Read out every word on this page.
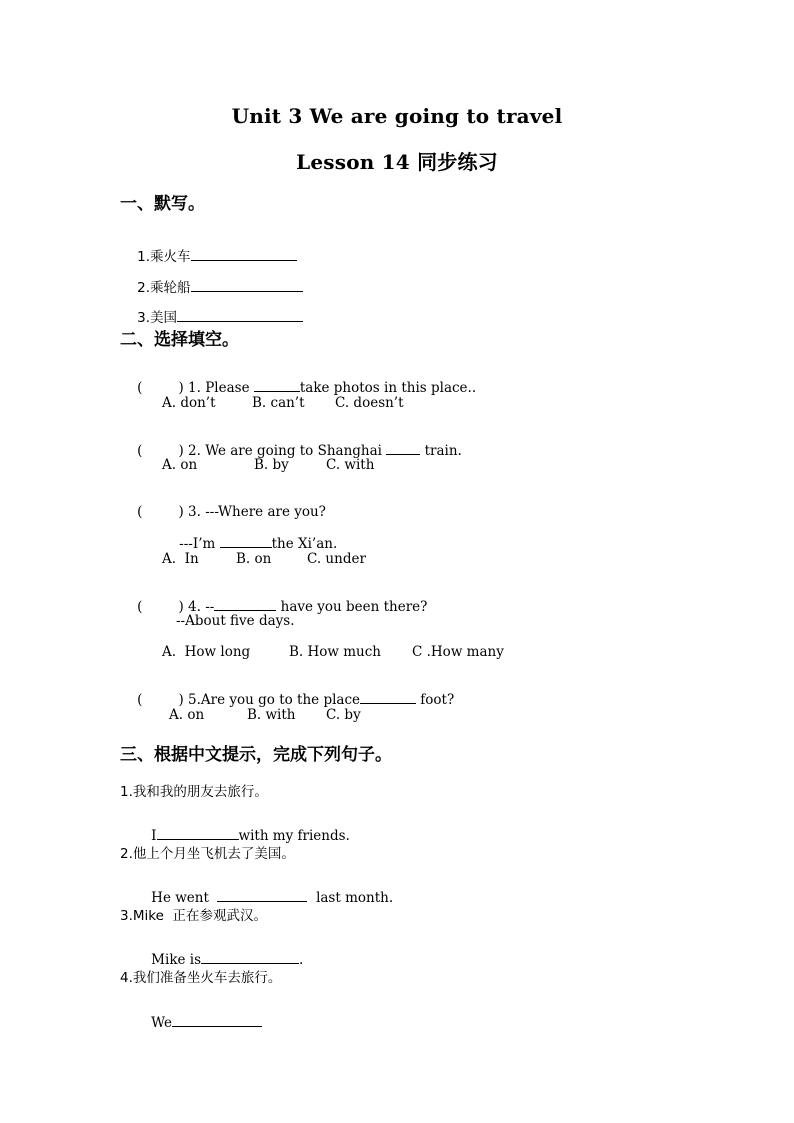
Unit 3 We are going to travel
Lesson 14 同步练习
一、默写。

1.乘火车

2.乘轮船

3.美国

二、选择填空。

(	) 1. Please	take photos in this place..

A. don’t	B. can’t C. doesn’t

(	) 2. We are going to Shanghai	train.

A. on	B. by	C. with

(	) 3. ---Where are you?

---I’m	the Xi’an.

A.  In	B. on	C. under

(	) 4. --	have you been there?

--About five days.
A.  How long	B. How much C .How many

(	) 5.Are you go to the place	foot?

A. on	B. with C. by
三、根据中文提示，完成下列句子。
1.我和我的朋友去旅行。

I	with my friends.

2.他上个月坐飞机去了美国。

He went	last month.

3.Mike  正在参观武汉。

Mike is	.

4.我们准备坐火车去旅行。

We
